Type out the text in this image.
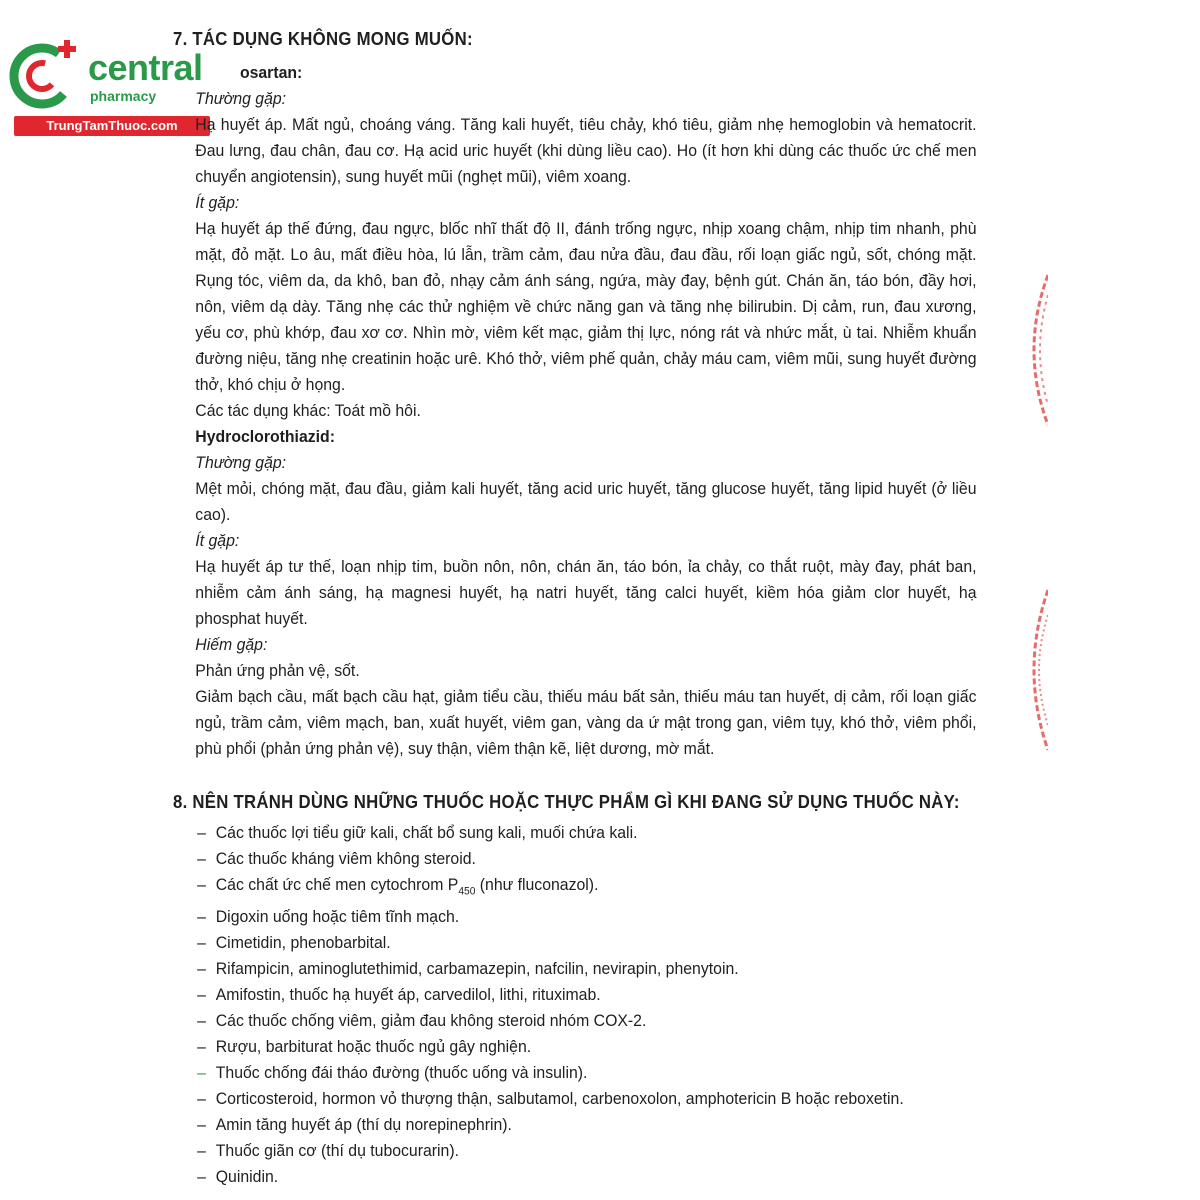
central

pharmacy

TrungTamThuoc.com

7. TÁC DỤNG KHÔNG MONG MUỐN:

osartan:

Thường gặp:

Hạ huyết áp. Mất ngủ, choáng váng. Tăng kali huyết, tiêu chảy, khó tiêu, giảm nhẹ hemoglobin và hematocrit. Đau lưng, đau chân, đau cơ. Hạ acid uric huyết (khi dùng liều cao). Ho (ít hơn khi dùng các thuốc ức chế men chuyển angiotensin), sung huyết mũi (nghẹt mũi), viêm xoang.

Ít gặp:

Hạ huyết áp thế đứng, đau ngực, blốc nhĩ thất độ II, đánh trống ngực, nhịp xoang chậm, nhịp tim nhanh, phù mặt, đỏ mặt. Lo âu, mất điều hòa, lú lẫn, trầm cảm, đau nửa đầu, đau đầu, rối loạn giấc ngủ, sốt, chóng mặt. Rụng tóc, viêm da, da khô, ban đỏ, nhạy cảm ánh sáng, ngứa, mày đay, bệnh gút. Chán ăn, táo bón, đầy hơi, nôn, viêm dạ dày. Tăng nhẹ các thử nghiệm về chức năng gan và tăng nhẹ bilirubin. Dị cảm, run, đau xương, yếu cơ, phù khớp, đau xơ cơ. Nhìn mờ, viêm kết mạc, giảm thị lực, nóng rát và nhức mắt, ù tai. Nhiễm khuẩn đường niệu, tăng nhẹ creatinin hoặc urê. Khó thở, viêm phế quản, chảy máu cam, viêm mũi, sung huyết đường thở, khó chịu ở họng.

Các tác dụng khác: Toát mồ hôi.

Hydroclorothiazid:

Thường gặp:

Mệt mỏi, chóng mặt, đau đầu, giảm kali huyết, tăng acid uric huyết, tăng glucose huyết, tăng lipid huyết (ở liều cao).

Ít gặp:

Hạ huyết áp tư thế, loạn nhịp tim, buồn nôn, nôn, chán ăn, táo bón, ỉa chảy, co thắt ruột, mày đay, phát ban, nhiễm cảm ánh sáng, hạ magnesi huyết, hạ natri huyết, tăng calci huyết, kiềm hóa giảm clor huyết, hạ phosphat huyết.

Hiếm gặp:

Phản ứng phản vệ, sốt.

Giảm bạch cầu, mất bạch cầu hạt, giảm tiểu cầu, thiếu máu bất sản, thiếu máu tan huyết, dị cảm, rối loạn giấc ngủ, trầm cảm, viêm mạch, ban, xuất huyết, viêm gan, vàng da ứ mật trong gan, viêm tụy, khó thở, viêm phổi, phù phổi (phản ứng phản vệ), suy thận, viêm thận kẽ, liệt dương, mờ mắt.

8. NÊN TRÁNH DÙNG NHỮNG THUỐC HOẶC THỰC PHẨM GÌ KHI ĐANG SỬ DỤNG THUỐC NÀY:

– Các thuốc lợi tiểu giữ kali, chất bổ sung kali, muối chứa kali.
– Các thuốc kháng viêm không steroid.
– Các chất ức chế men cytochrom $P_{450}$ (như fluconazol).
– Digoxin uống hoặc tiêm tĩnh mạch.
– Cimetidin, phenobarbital.
– Rifampicin, aminoglutethimid, carbamazepin, nafcilin, nevirapin, phenytoin.
– Amifostin, thuốc hạ huyết áp, carvedilol, lithi, rituximab.
– Các thuốc chống viêm, giảm đau không steroid nhóm COX-2.
– Rượu, barbiturat hoặc thuốc ngủ gây nghiện.
– Thuốc chống đái tháo đường (thuốc uống và insulin).
– Corticosteroid, hormon vỏ thượng thận, salbutamol, carbenoxolon, amphotericin B hoặc reboxetin.
– Amin tăng huyết áp (thí dụ norepinephrin).
– Thuốc giãn cơ (thí dụ tubocurarin).
– Quinidin.
